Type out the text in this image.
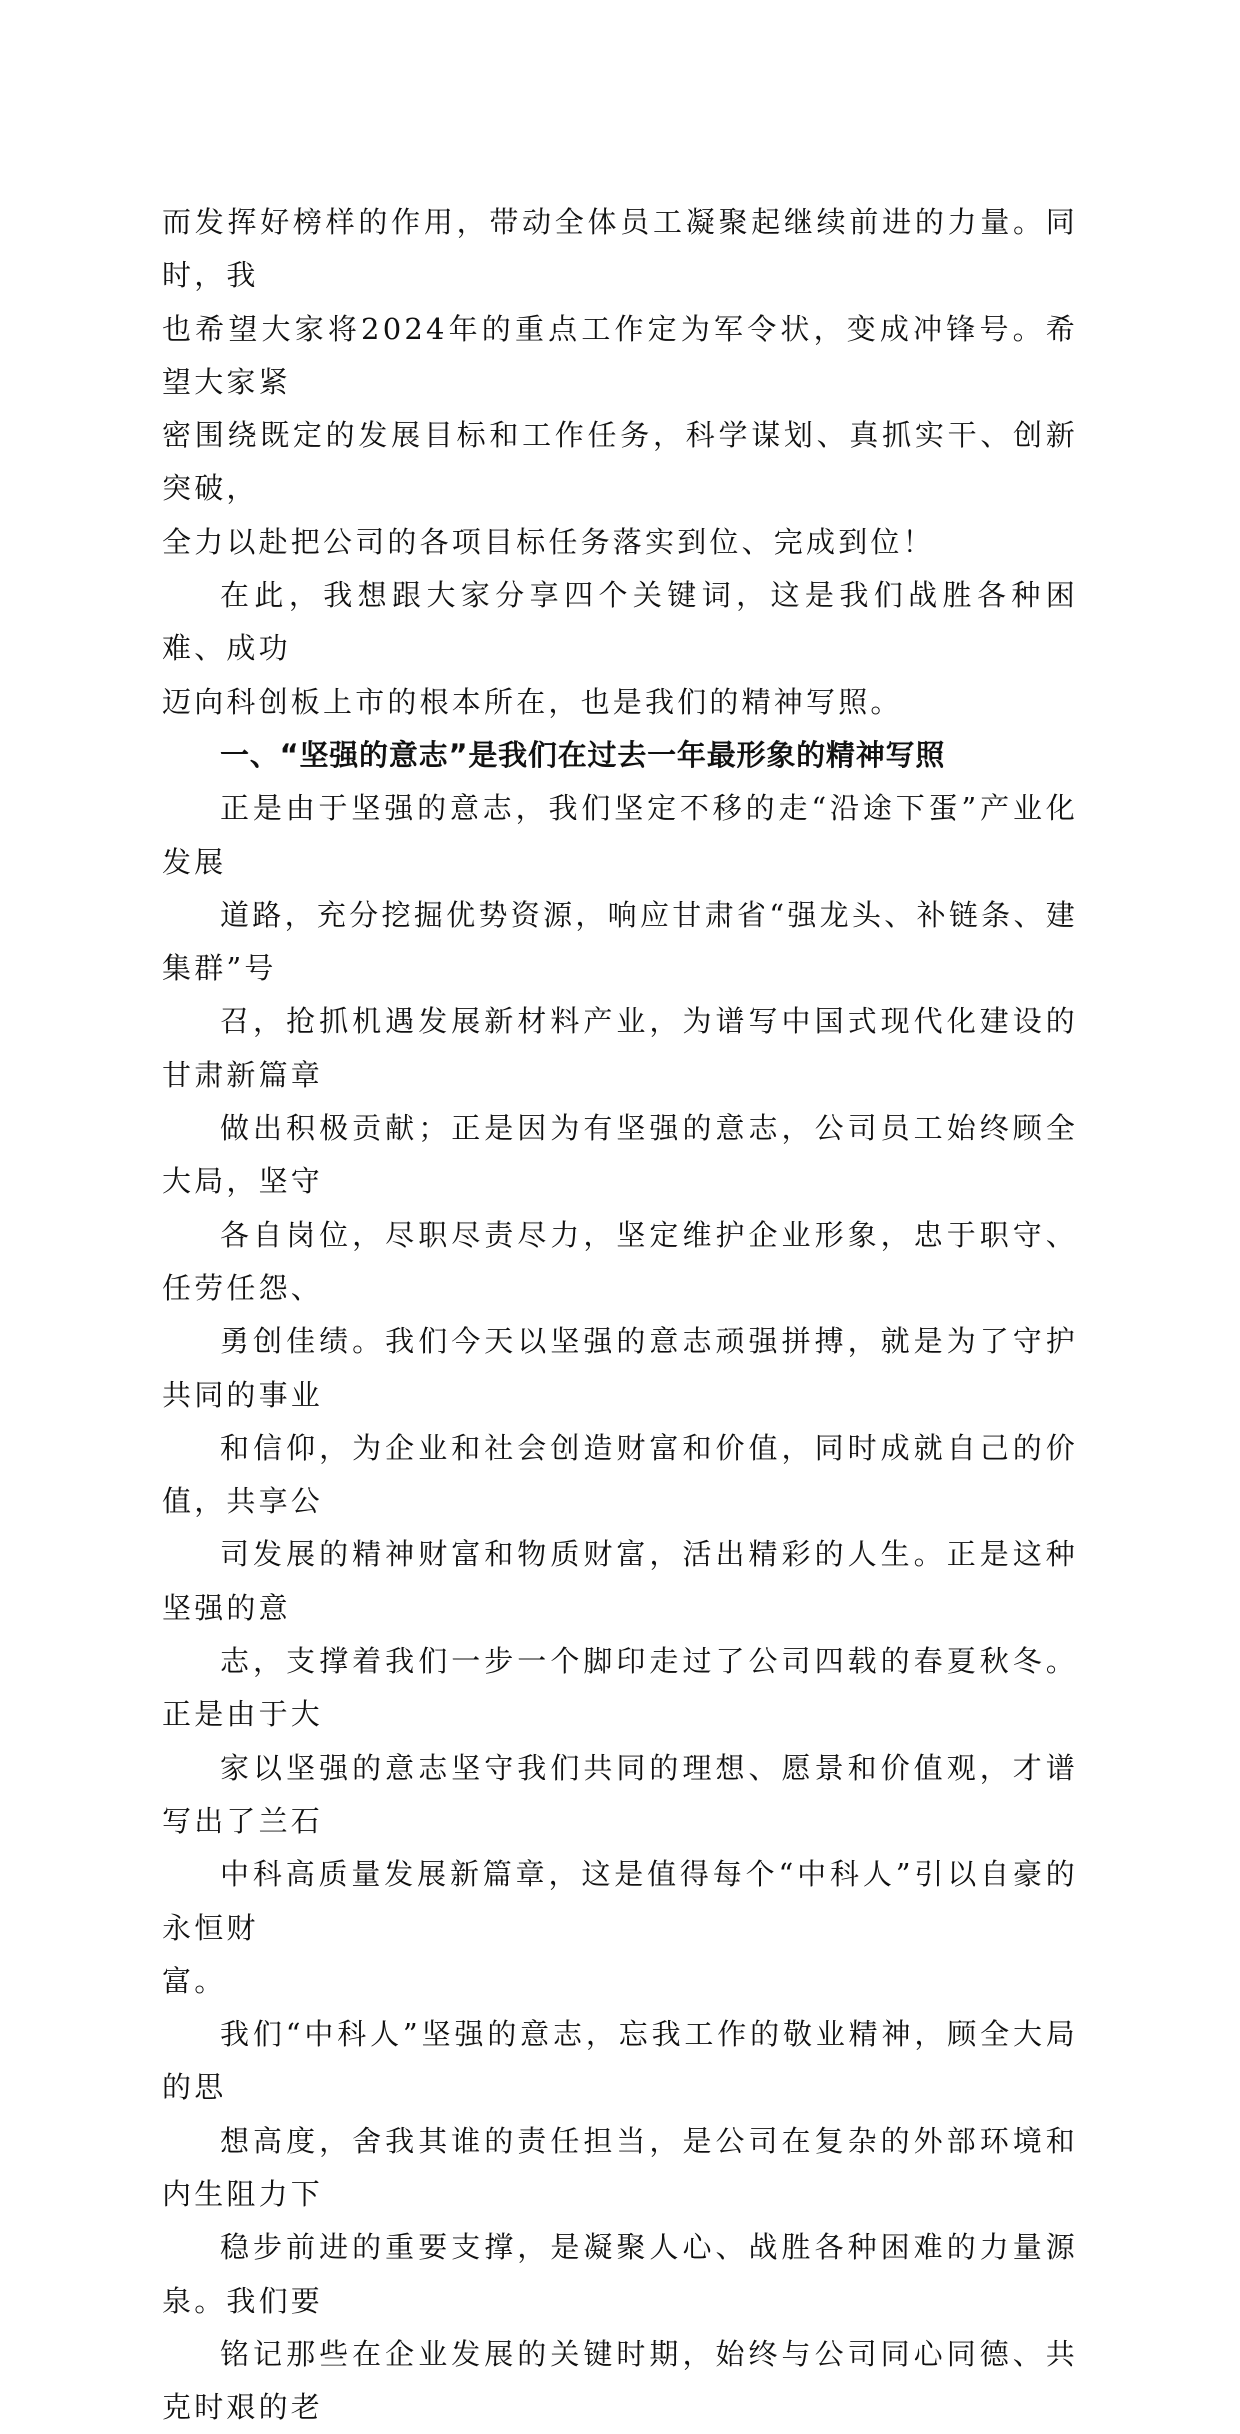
而发挥好榜样的作用，带动全体员工凝聚起继续前进的力量。同时，我
也希望大家将2024年的重点工作定为军令状，变成冲锋号。希望大家紧
密围绕既定的发展目标和工作任务，科学谋划、真抓实干、创新突破，
全力以赴把公司的各项目标任务落实到位、完成到位！

在此，我想跟大家分享四个关键词，这是我们战胜各种困难、成功
迈向科创板上市的根本所在，也是我们的精神写照。

一、“坚强的意志”是我们在过去一年最形象的精神写照

正是由于坚强的意志，我们坚定不移的走“沿途下蛋”产业化发展
道路，充分挖掘优势资源，响应甘肃省“强龙头、补链条、建集群”号
召，抢抓机遇发展新材料产业，为谱写中国式现代化建设的甘肃新篇章
做出积极贡献；正是因为有坚强的意志，公司员工始终顾全大局，坚守
各自岗位，尽职尽责尽力，坚定维护企业形象，忠于职守、任劳任怨、
勇创佳绩。我们今天以坚强的意志顽强拼搏，就是为了守护共同的事业
和信仰，为企业和社会创造财富和价值，同时成就自己的价值，共享公
司发展的精神财富和物质财富，活出精彩的人生。正是这种坚强的意
志，支撑着我们一步一个脚印走过了公司四载的春夏秋冬。正是由于大
家以坚强的意志坚守我们共同的理想、愿景和价值观，才谱写出了兰石
中科高质量发展新篇章，这是值得每个“中科人”引以自豪的永恒财
富。

我们“中科人”坚强的意志，忘我工作的敬业精神，顾全大局的思
想高度，舍我其谁的责任担当，是公司在复杂的外部环境和内生阻力下
稳步前进的重要支撑，是凝聚人心、战胜各种困难的力量源泉。我们要
铭记那些在企业发展的关键时期，始终与公司同心同德、共克时艰的老
